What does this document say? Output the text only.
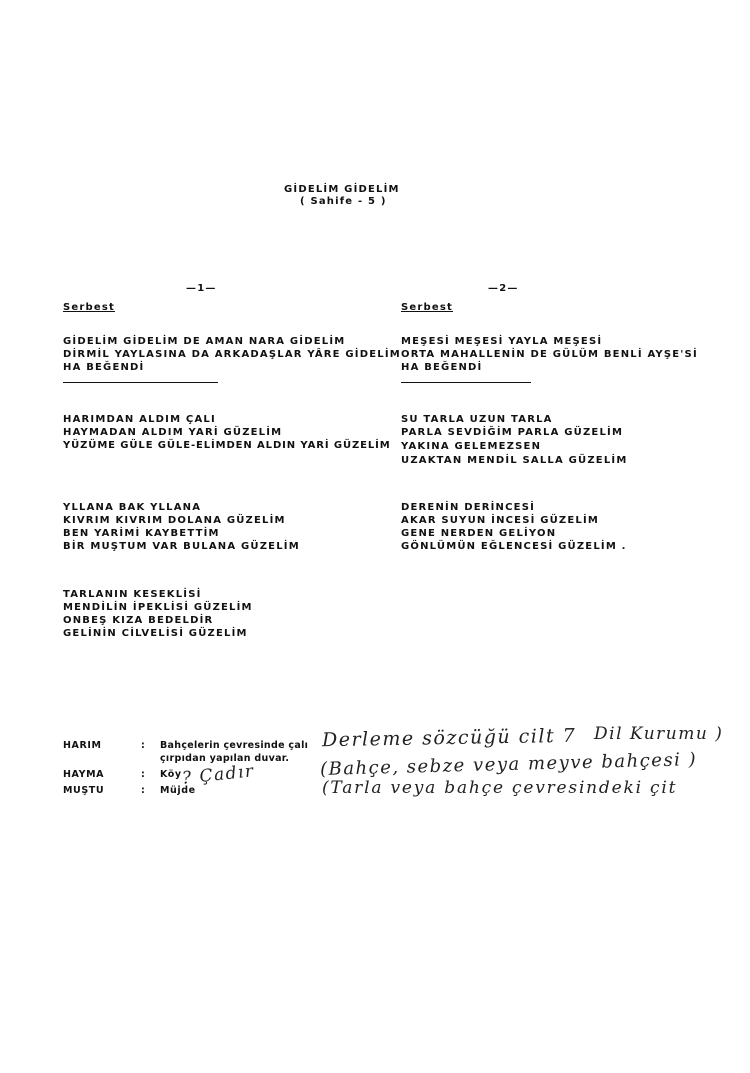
GİDELİM GİDELİM
( Sahife - 5 )
—1—
Serbest
GİDELİM GİDELİM DE AMAN NARA GİDELİM
DİRMİL YAYLASINA DA ARKADAŞLAR YÂRE GİDELİM
HA BEĞENDİ
HARIMDAN ALDIM ÇALI
HAYMADAN ALDIM YARİ GÜZELİM
YÜZÜME GÜLE GÜLE-ELİMDEN ALDIN YARİ GÜZELİM
YLLANA BAK YLLANA
KIVRIM KIVRIM DOLANA GÜZELİM
BEN YARİMİ KAYBETTİM
BİR MUŞTUM VAR BULANA GÜZELİM
TARLANIN KESEKLİSİ
MENDİLİN İPEKLİSİ GÜZELİM
ONBEŞ KIZA BEDELDİR
GELİNİN CİLVELİSİ GÜZELİM
—2—
Serbest
MEŞESİ MEŞESİ YAYLA MEŞESİ
ORTA MAHALLENİN DE GÜLÜM BENLİ AYŞE'Sİ
HA BEĞENDİ
SU TARLA UZUN TARLA
PARLA SEVDİĞİM PARLA GÜZELİM
YAKINA GELEMEZSEN
UZAKTAN MENDİL SALLA GÜZELİM
DERENİN DERİNCESİ
AKAR SUYUN İNCESİ GÜZELİM
GENE NERDEN GELİYON
GÖNLÜMÜN EĞLENCESİ GÜZELİM .
HARIM	: Bahçelerin çevresinde çalı
çırpıdan yapılan duvar.
HAYMA	: Köy
MUŞTU	: Müjde
Derleme sözcüğü cilt 7 Dil Kurumu )
(Bahçe, sebze veya meyve bahçesi )
(Tarla veya bahçe çevresindeki çit
? Çadır
